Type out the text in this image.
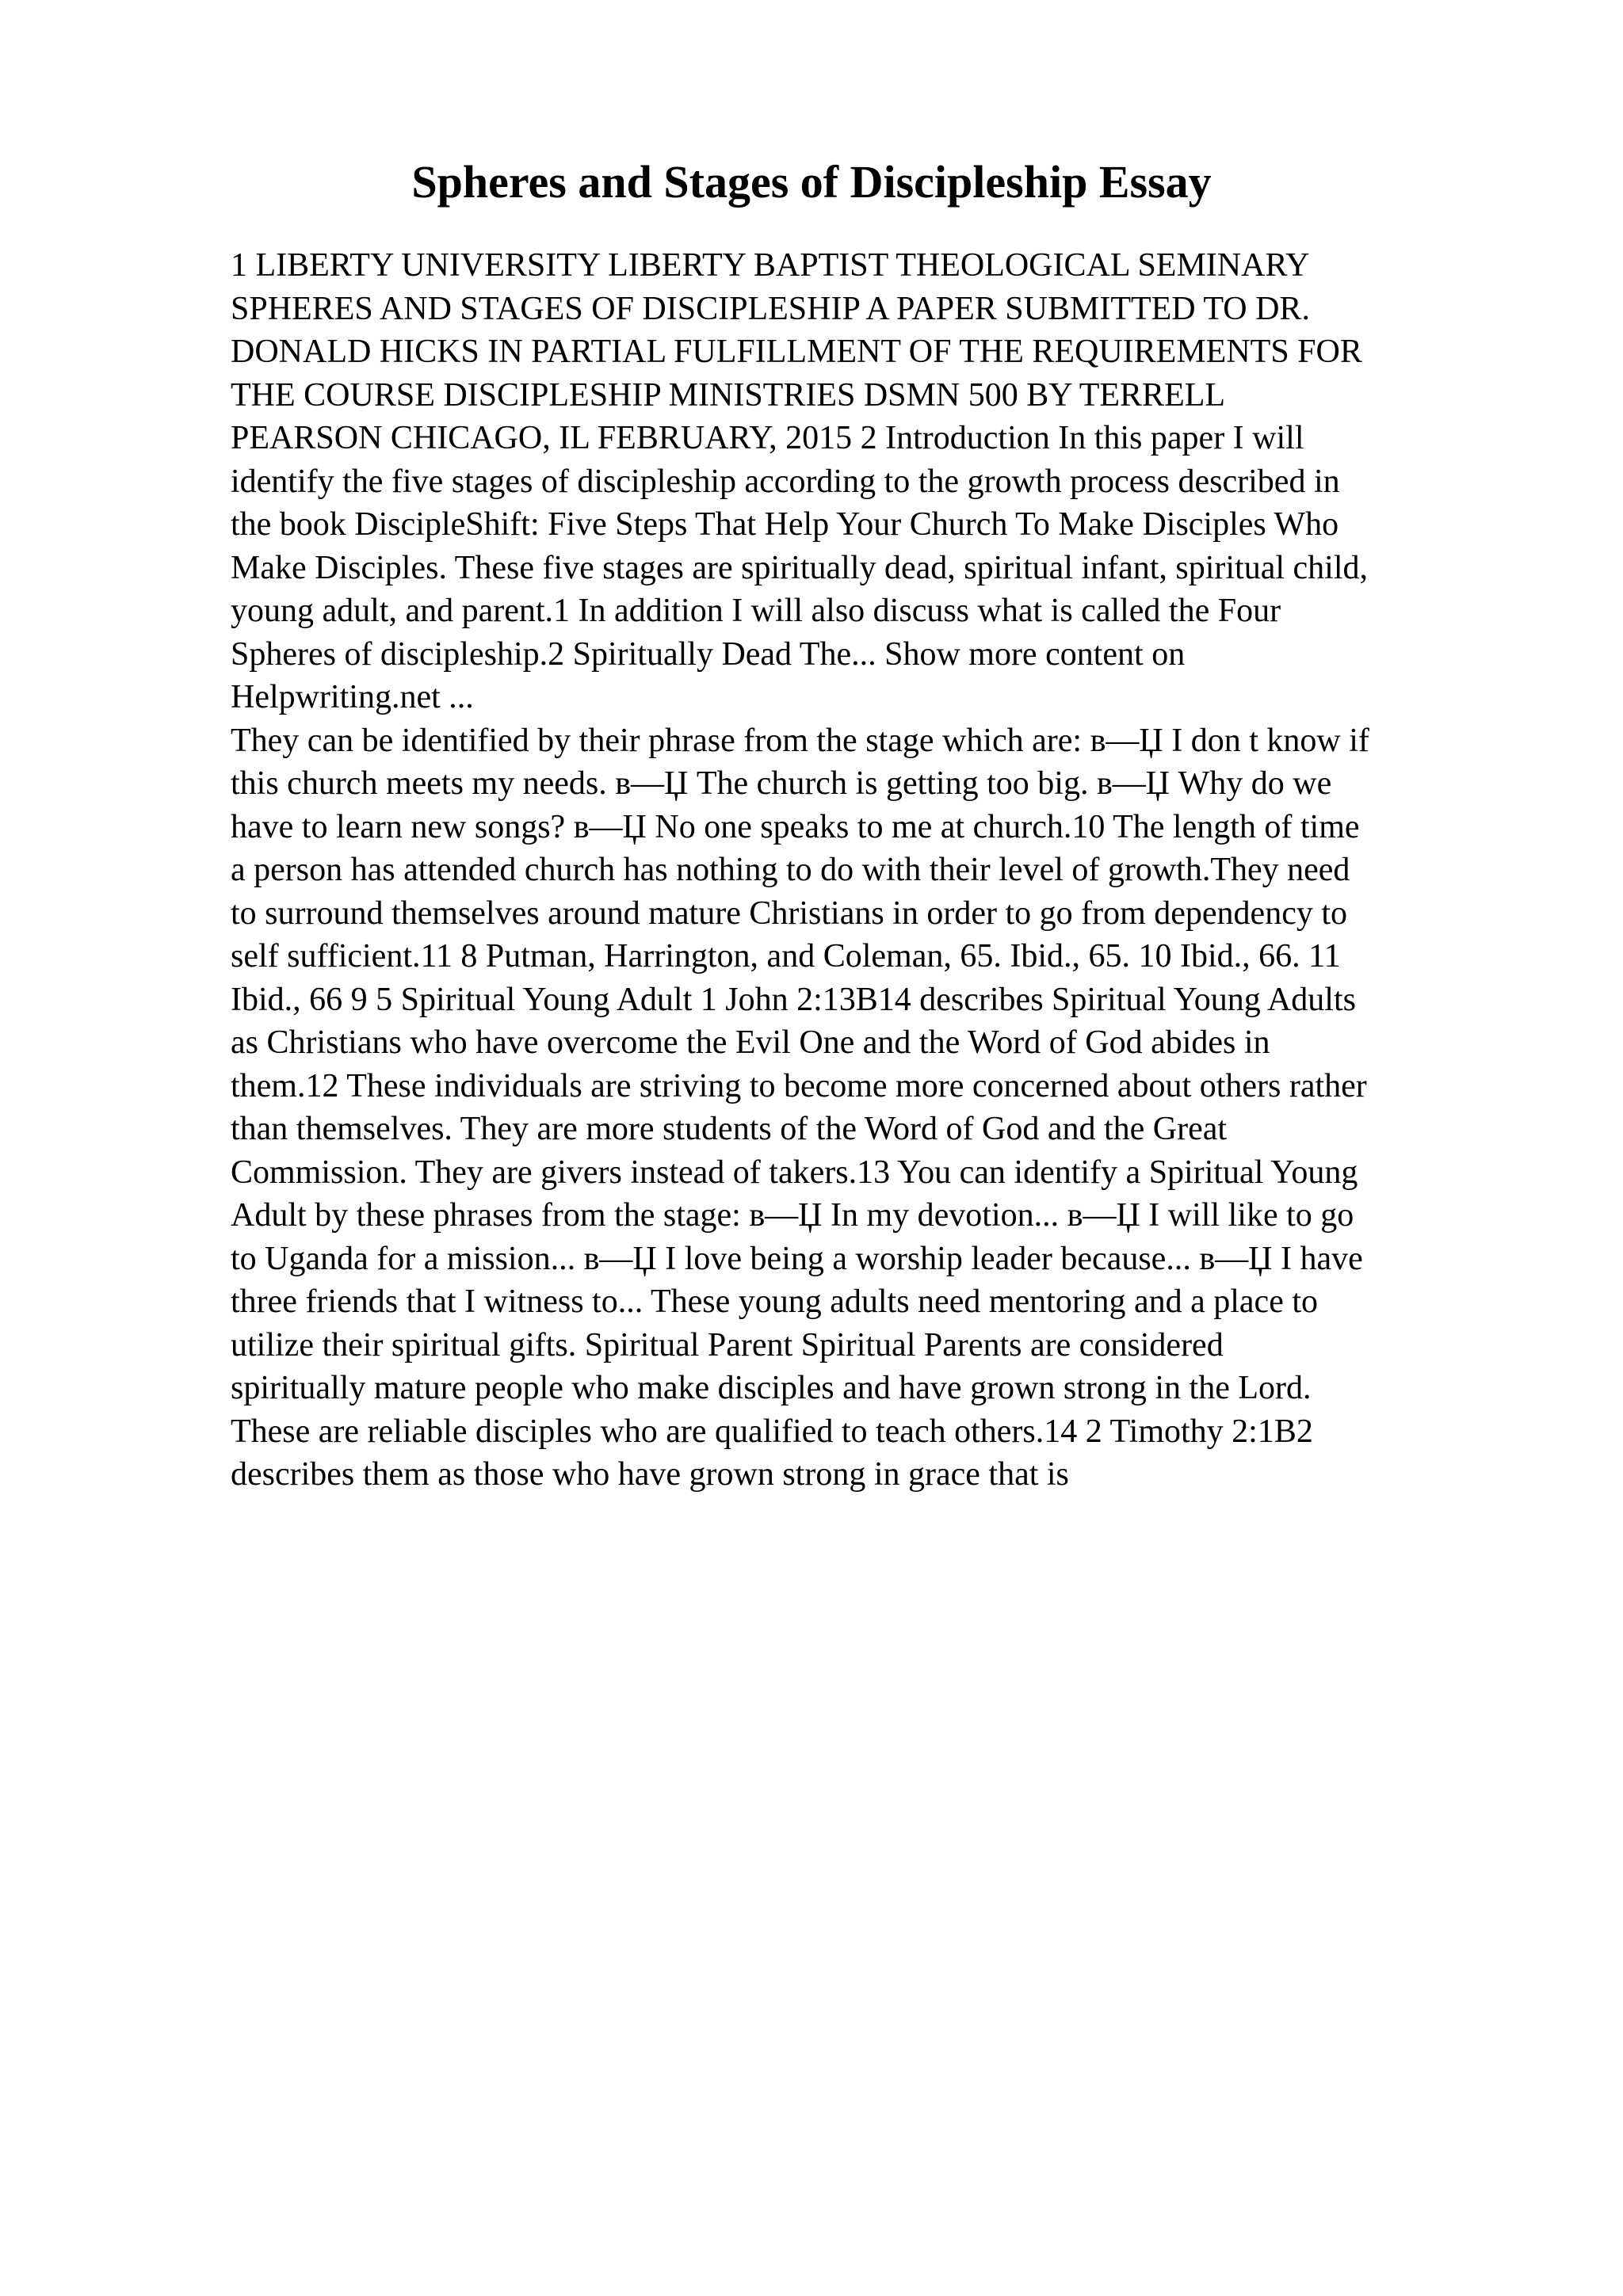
Spheres and Stages of Discipleship Essay

1 LIBERTY UNIVERSITY LIBERTY BAPTIST THEOLOGICAL SEMINARY
SPHERES AND STAGES OF DISCIPLESHIP A PAPER SUBMITTED TO DR.
DONALD HICKS IN PARTIAL FULFILLMENT OF THE REQUIREMENTS FOR
THE COURSE DISCIPLESHIP MINISTRIES DSMN 500 BY TERRELL
PEARSON CHICAGO, IL FEBRUARY, 2015 2 Introduction In this paper I will
identify the five stages of discipleship according to the growth process described in
the book DiscipleShift: Five Steps That Help Your Church To Make Disciples Who
Make Disciples. These five stages are spiritually dead, spiritual infant, spiritual child,
young adult, and parent.1 In addition I will also discuss what is called the Four
Spheres of discipleship.2 Spiritually Dead The... Show more content on
Helpwriting.net ...

They can be identified by their phrase from the stage which are: в—Џ I don t know if
this church meets my needs. в—Џ The church is getting too big. в—Џ Why do we
have to learn new songs? в—Џ No one speaks to me at church.10 The length of time
a person has attended church has nothing to do with their level of growth.They need
to surround themselves around mature Christians in order to go from dependency to
self sufficient.11 8 Putman, Harrington, and Coleman, 65. Ibid., 65. 10 Ibid., 66. 11
Ibid., 66 9 5 Spiritual Young Adult 1 John 2:13В14 describes Spiritual Young Adults
as Christians who have overcome the Evil One and the Word of God abides in
them.12 These individuals are striving to become more concerned about others rather
than themselves. They are more students of the Word of God and the Great
Commission. They are givers instead of takers.13 You can identify a Spiritual Young
Adult by these phrases from the stage: в—Џ In my devotion... в—Џ I will like to go
to Uganda for a mission... в—Џ I love being a worship leader because... в—Џ I have
three friends that I witness to... These young adults need mentoring and a place to
utilize their spiritual gifts. Spiritual Parent Spiritual Parents are considered
spiritually mature people who make disciples and have grown strong in the Lord.
These are reliable disciples who are qualified to teach others.14 2 Timothy 2:1В2
describes them as those who have grown strong in grace that is
